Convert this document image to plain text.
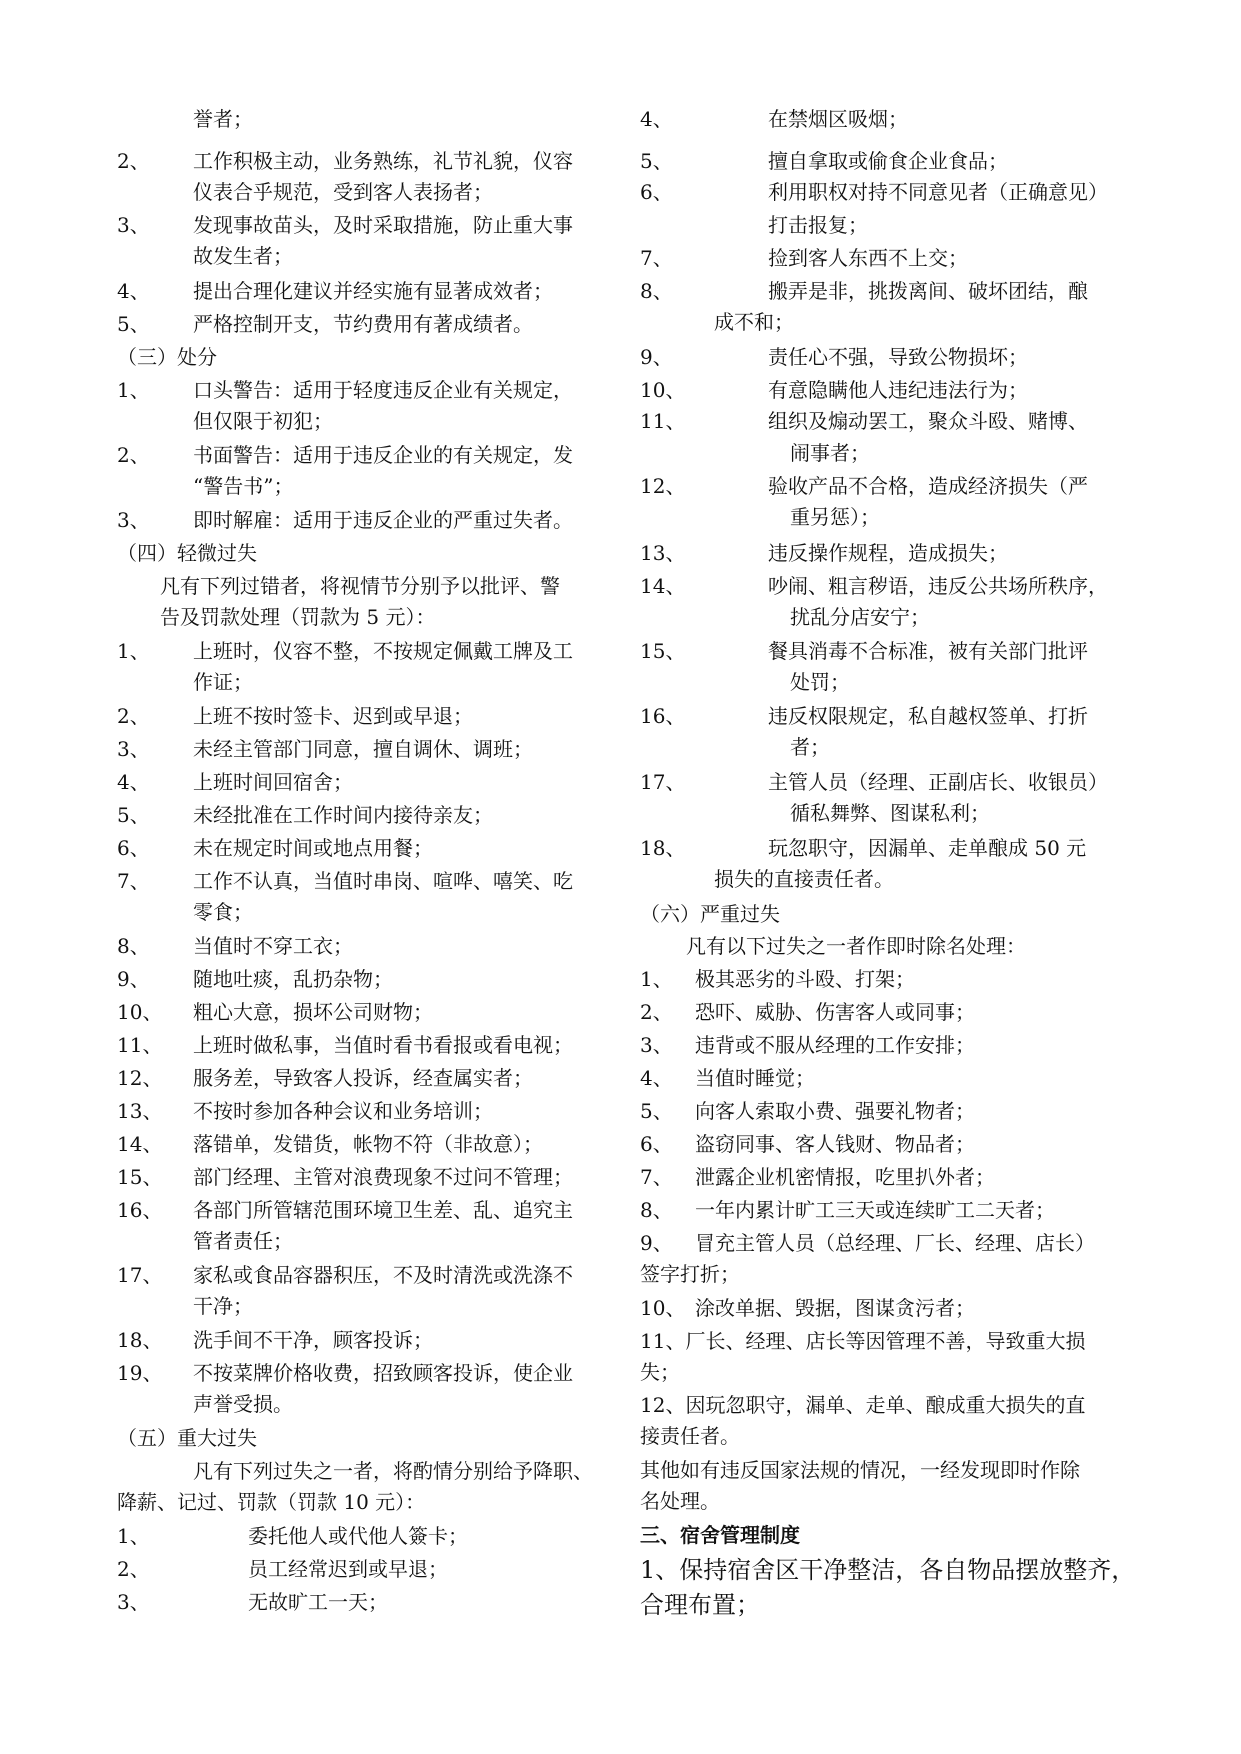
誉者；
2、 工作积极主动，业务熟练，礼节礼貌，仪容
仪表合乎规范，受到客人表扬者；
3、 发现事故苗头，及时采取措施，防止重大事
故发生者；
4、 提出合理化建议并经实施有显著成效者；
5、 严格控制开支，节约费用有著成绩者。
（三）处分
1、 口头警告：适用于轻度违反企业有关规定，
但仅限于初犯；
2、 书面警告：适用于违反企业的有关规定，发
“警告书”；
3、 即时解雇：适用于违反企业的严重过失者。
（四）轻微过失
凡有下列过错者，将视情节分别予以批评、警
告及罚款处理（罚款为 5 元）：
1、 上班时，仪容不整，不按规定佩戴工牌及工
作证；
2、 上班不按时签卡、迟到或早退；
3、 未经主管部门同意，擅自调休、调班；
4、 上班时间回宿舍；
5、 未经批准在工作时间内接待亲友；
6、 未在规定时间或地点用餐；
7、 工作不认真，当值时串岗、喧哗、嘻笑、吃
零食；
8、 当值时不穿工衣；
9、 随地吐痰，乱扔杂物；
10、 粗心大意，损坏公司财物；
11、 上班时做私事，当值时看书看报或看电视；
12、 服务差，导致客人投诉，经查属实者；
13、 不按时参加各种会议和业务培训；
14、 落错单，发错货，帐物不符（非故意）；
15、 部门经理、主管对浪费现象不过问不管理；
16、 各部门所管辖范围环境卫生差、乱、追究主
管者责任；
17、 家私或食品容器积压，不及时清洗或洗涤不
干净；
18、 洗手间不干净，顾客投诉；
19、 不按菜牌价格收费，招致顾客投诉，使企业
声誉受损。
（五）重大过失
凡有下列过失之一者，将酌情分别给予降职、
降薪、记过、罚款（罚款 10 元）：
1、	委托他人或代他人簽卡；
2、	员工经常迟到或早退；
3、	无故旷工一天；
4、	在禁烟区吸烟；
5、	擅自拿取或偷食企业食品；
6、	利用职权对持不同意见者（正确意见）
打击报复；
7、	捡到客人东西不上交；
8、	搬弄是非，挑拨离间、破坏团结，酿
成不和；
9、	责任心不强，导致公物损坏；
10、	有意隐瞒他人违纪违法行为；
11、	组织及煽动罢工，聚众斗殴、赌博、
闹事者；
12、	验收产品不合格，造成经济损失（严
重另惩）；
13、	违反操作规程，造成损失；
14、	吵闹、粗言秽语，违反公共场所秩序，
扰乱分店安宁；
15、	餐具消毒不合标准，被有关部门批评
处罚；
16、	违反权限规定，私自越权签单、打折
者；
17、	主管人员（经理、正副店长、收银员）
循私舞弊、图谋私利；
18、	玩忽职守，因漏单、走单酿成 50 元
损失的直接责任者。
（六）严重过失
凡有以下过失之一者作即时除名处理：
1、 极其恶劣的斗殴、打架；
2、 恐吓、威胁、伤害客人或同事；
3、 违背或不服从经理的工作安排；
4、 当值时睡觉；
5、 向客人索取小费、强要礼物者；
6、 盗窃同事、客人钱财、物品者；
7、 泄露企业机密情报，吃里扒外者；
8、 一年内累计旷工三天或连续旷工二天者；
9、 冒充主管人员（总经理、厂长、经理、店长）
签字打折；
10、 涂改单据、毁据，图谋贪污者；
11、厂长、经理、店长等因管理不善，导致重大损
失；
12、因玩忽职守，漏单、走单、酿成重大损失的直
接责任者。
其他如有违反国家法规的情况，一经发现即时作除
名处理。
三、宿舍管理制度
1、保持宿舍区干净整洁，各自物品摆放整齐，
合理布置；
